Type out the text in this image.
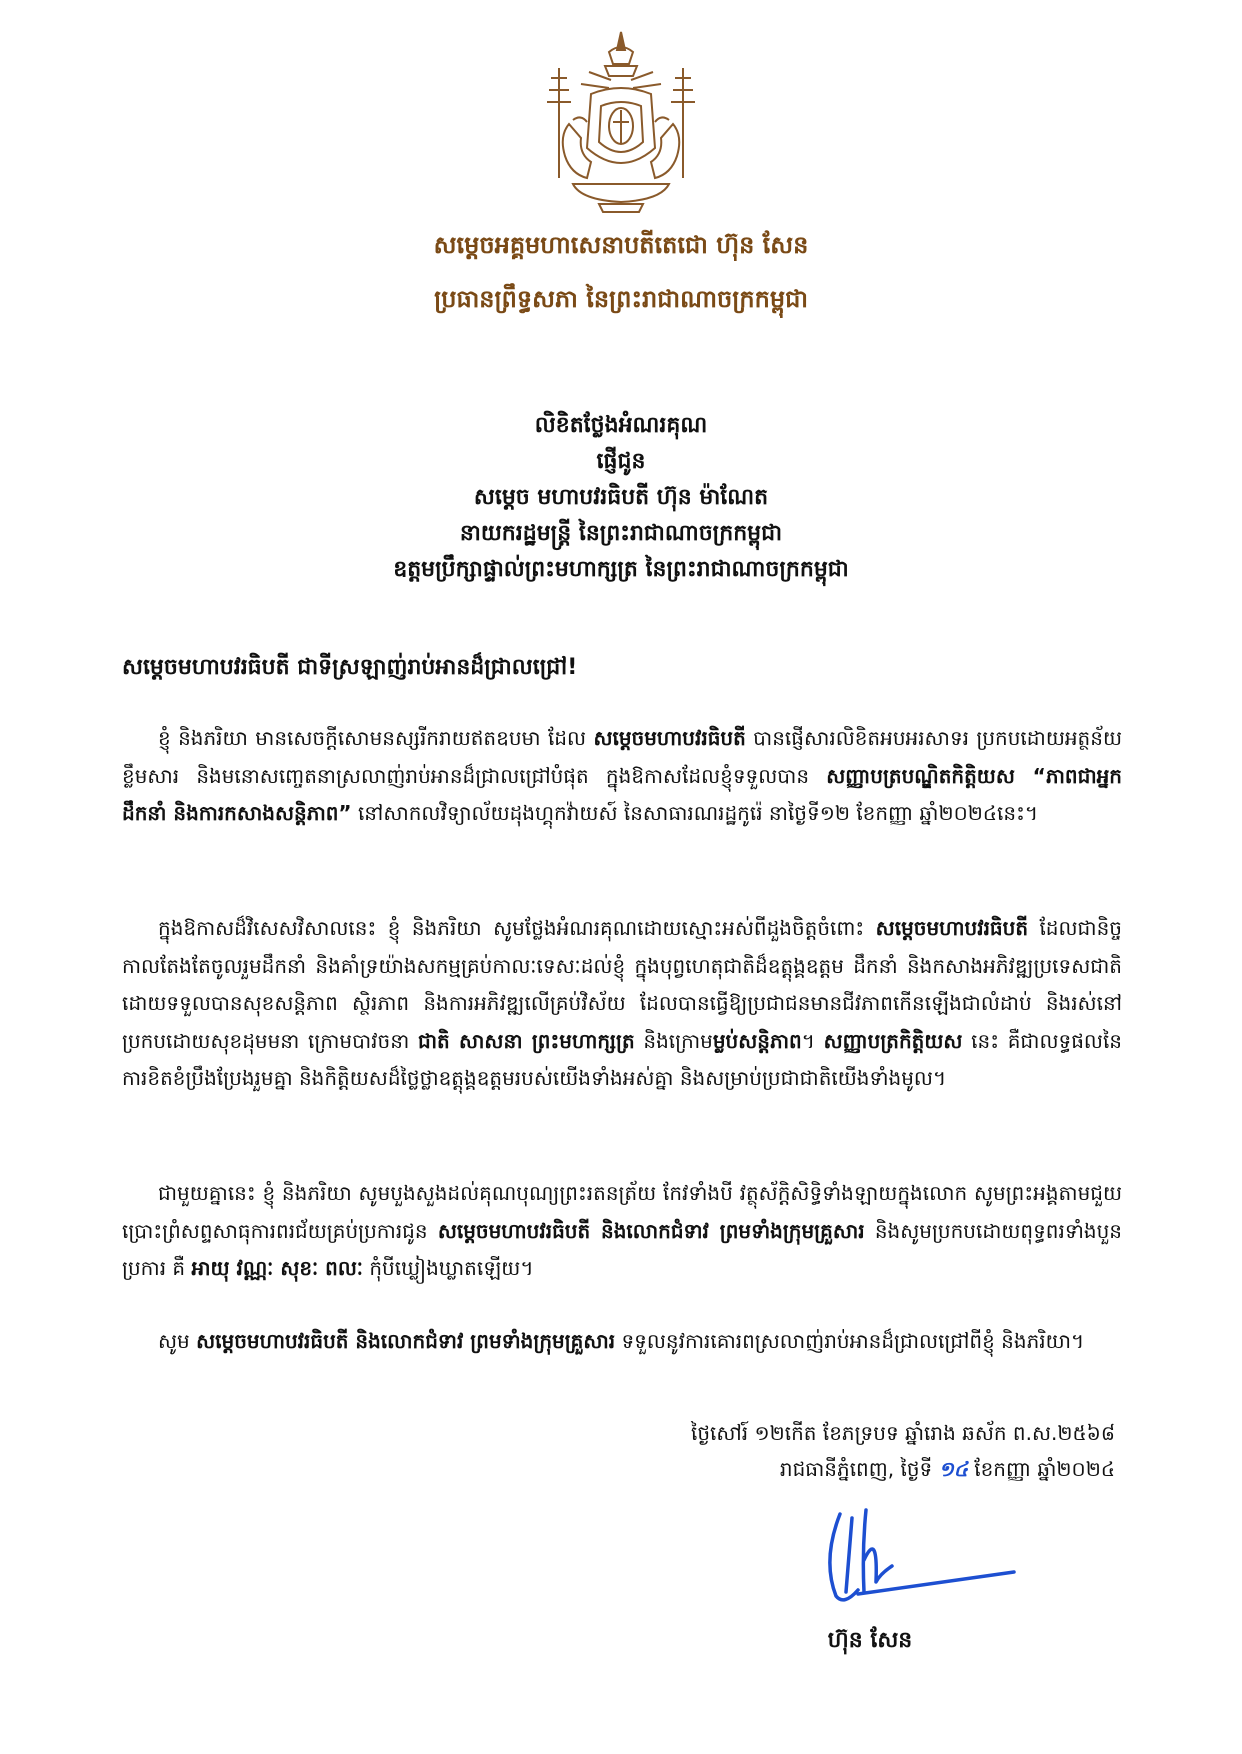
សម្ដេចអគ្គមហាសេនាបតីតេជោ ហ៊ុន សែន
ប្រធានព្រឹទ្ធសភា នៃព្រះរាជាណាចក្រកម្ពុជា
លិខិតថ្លែងអំណរគុណ
ផ្ញើជូន
សម្ដេច មហាបវរធិបតី ហ៊ុន ម៉ាណែត
នាយករដ្ឋមន្ត្រី នៃព្រះរាជាណាចក្រកម្ពុជា
ឧត្តមប្រឹក្សាផ្ទាល់ព្រះមហាក្សត្រ នៃព្រះរាជាណាចក្រកម្ពុជា
សម្ដេចមហាបវរធិបតី ជាទីស្រឡាញ់រាប់អានដ៏ជ្រាលជ្រៅ!
ខ្ញុំ និងភរិយា មានសេចក្តីសោមនស្សរីករាយឥតឧបមា ដែល សម្ដេចមហាបវរធិបតី បានផ្ញើសារលិខិតអបអរសាទរ ប្រកបដោយអត្ថន័យខ្លឹមសារ និងមនោសញ្ចេតនាស្រលាញ់រាប់អានដ៏ជ្រាលជ្រៅបំផុត ក្នុងឱកាសដែលខ្ញុំទទួលបាន សញ្ញាបត្របណ្ឌិតកិត្តិយស “ភាពជាអ្នកដឹកនាំ និងការកសាងសន្តិភាព” នៅសាកលវិទ្យាល័យដុងហ្គុកវ៉ាយស៍ នៃសាធារណរដ្ឋកូរ៉េ នាថ្ងៃទី១២ ខែកញ្ញា ឆ្នាំ២០២៤នេះ។
ក្នុងឱកាសដ៏វិសេសវិសាលនេះ ខ្ញុំ និងភរិយា សូមថ្លែងអំណរគុណដោយស្មោះអស់ពីដួងចិត្តចំពោះ សម្ដេចមហាបវរធិបតី ដែលជានិច្ចកាលតែងតែចូលរួមដឹកនាំ និងគាំទ្រយ៉ាងសកម្មគ្រប់កាលៈទេសៈដល់ខ្ញុំ ក្នុងបុព្វហេតុជាតិដ៏ឧត្តុង្គឧត្តម ដឹកនាំ និងកសាងអភិវឌ្ឍប្រទេសជាតិ ដោយទទួលបានសុខសន្តិភាព ស្ថិរភាព និងការអភិវឌ្ឍលើគ្រប់វិស័យ ដែលបានធ្វើឱ្យប្រជាជនមានជីវភាពកើនឡើងជាលំដាប់ និងរស់នៅប្រកបដោយសុខដុមមនា ក្រោមបាវចនា ជាតិ សាសនា ព្រះមហាក្សត្រ និងក្រោមម្លប់សន្តិភាព។ សញ្ញាបត្រកិត្តិយស នេះ គឺជាលទ្ធផលនៃការខិតខំប្រឹងប្រែងរួមគ្នា និងកិត្តិយសដ៏ថ្លៃថ្លាឧត្តុង្គឧត្តមរបស់យើងទាំងអស់គ្នា និងសម្រាប់ប្រជាជាតិយើងទាំងមូល។
ជាមួយគ្នានេះ ខ្ញុំ និងភរិយា សូមបួងសួងដល់គុណបុណ្យព្រះរតនត្រ័យ កែវទាំងបី វត្ថុស័ក្តិសិទ្ធិទាំងឡាយក្នុងលោក សូមព្រះអង្គតាមជួយប្រោះព្រំសព្ទសាធុការពរជ័យគ្រប់ប្រការជូន សម្ដេចមហាបវរធិបតី និងលោកជំទាវ ព្រមទាំងក្រុមគ្រួសារ និងសូមប្រកបដោយពុទ្ធពរទាំងបួនប្រការ គឺ អាយុ វណ្ណៈ សុខៈ ពលៈ កុំបីឃ្លៀងឃ្លាតឡើយ។
សូម សម្ដេចមហាបវរធិបតី និងលោកជំទាវ ព្រមទាំងក្រុមគ្រួសារ ទទួលនូវការគោរពស្រលាញ់រាប់អានដ៏ជ្រាលជ្រៅពីខ្ញុំ និងភរិយា។
ថ្ងៃសៅរ៍ ១២កើត ខែភទ្របទ ឆ្នាំរោង ឆស័ក ព.ស.២៥៦៨
រាជធានីភ្នំពេញ, ថ្ងៃទី ១៤ ខែកញ្ញា ឆ្នាំ២០២៤
ហ៊ុន សែន
